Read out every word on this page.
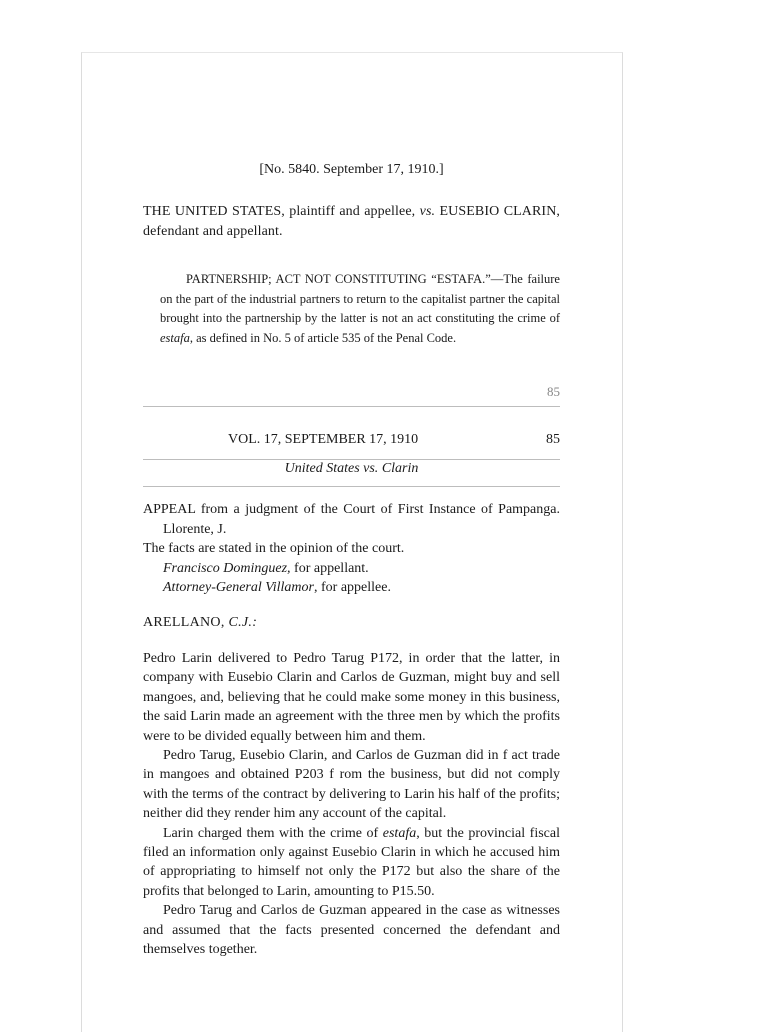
[No. 5840. September 17, 1910.]
THE UNITED STATES, plaintiff and appellee, vs. EUSEBIO CLARIN, defendant and appellant.
PARTNERSHIP; ACT NOT CONSTITUTING “ESTAFA.”—The failure on the part of the industrial partners to return to the capitalist partner the capital brought into the partnership by the latter is not an act constituting the crime of estafa, as defined in No. 5 of article 535 of the Penal Code.
85
VOL. 17, SEPTEMBER 17, 1910	85
United States vs. Clarin
APPEAL from a judgment of the Court of First Instance of Pampanga. Llorente, J.
The facts are stated in the opinion of the court.
Francisco Dominguez, for appellant.
Attorney-General Villamor, for appellee.
ARELLANO, C.J.:

Pedro Larin delivered to Pedro Tarug P172, in order that the latter, in company with Eusebio Clarin and Carlos de Guzman, might buy and sell mangoes, and, believing that he could make some money in this business, the said Larin made an agreement with the three men by which the profits were to be divided equally between him and them.

Pedro Tarug, Eusebio Clarin, and Carlos de Guzman did in f act trade in mangoes and obtained P203 f rom the business, but did not comply with the terms of the contract by delivering to Larin his half of the profits; neither did they render him any account of the capital.

Larin charged them with the crime of estafa, but the provincial fiscal filed an information only against Eusebio Clarin in which he accused him of appropriating to himself not only the P172 but also the share of the profits that belonged to Larin, amounting to P15.50.

Pedro Tarug and Carlos de Guzman appeared in the case as witnesses and assumed that the facts presented concerned the defendant and themselves together.
